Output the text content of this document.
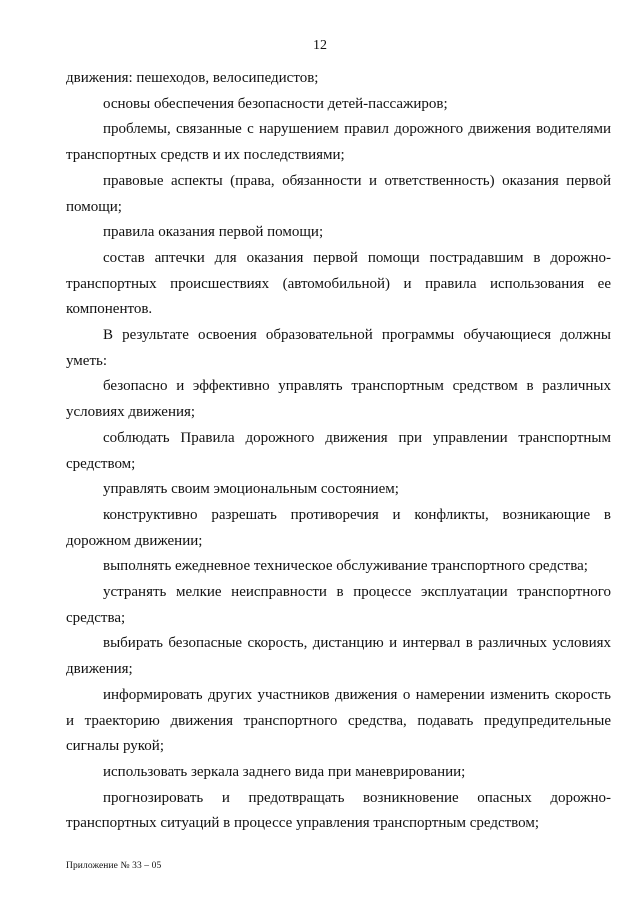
12

движения: пешеходов, велосипедистов;

основы обеспечения безопасности детей-пассажиров;

проблемы, связанные с нарушением правил дорожного движения водителями транспортных средств и их последствиями;

правовые аспекты (права, обязанности и ответственность) оказания первой помощи;

правила оказания первой помощи;

состав аптечки для оказания первой помощи пострадавшим в дорожно-транспортных происшествиях (автомобильной) и правила использования ее компонентов.

В результате освоения образовательной программы обучающиеся должны уметь:

безопасно и эффективно управлять транспортным средством в различных условиях движения;

соблюдать Правила дорожного движения при управлении транспортным средством;

управлять своим эмоциональным состоянием;

конструктивно разрешать противоречия и конфликты, возникающие в дорожном движении;

выполнять ежедневное техническое обслуживание транспортного средства;

устранять мелкие неисправности в процессе эксплуатации транспортного средства;

выбирать безопасные скорость, дистанцию и интервал в различных условиях движения;

информировать других участников движения о намерении изменить скорость и траекторию движения транспортного средства, подавать предупредительные сигналы рукой;

использовать зеркала заднего вида при маневрировании;

прогнозировать и предотвращать возникновение опасных дорожно-транспортных ситуаций в процессе управления транспортным средством;

Приложение № 33 – 05
